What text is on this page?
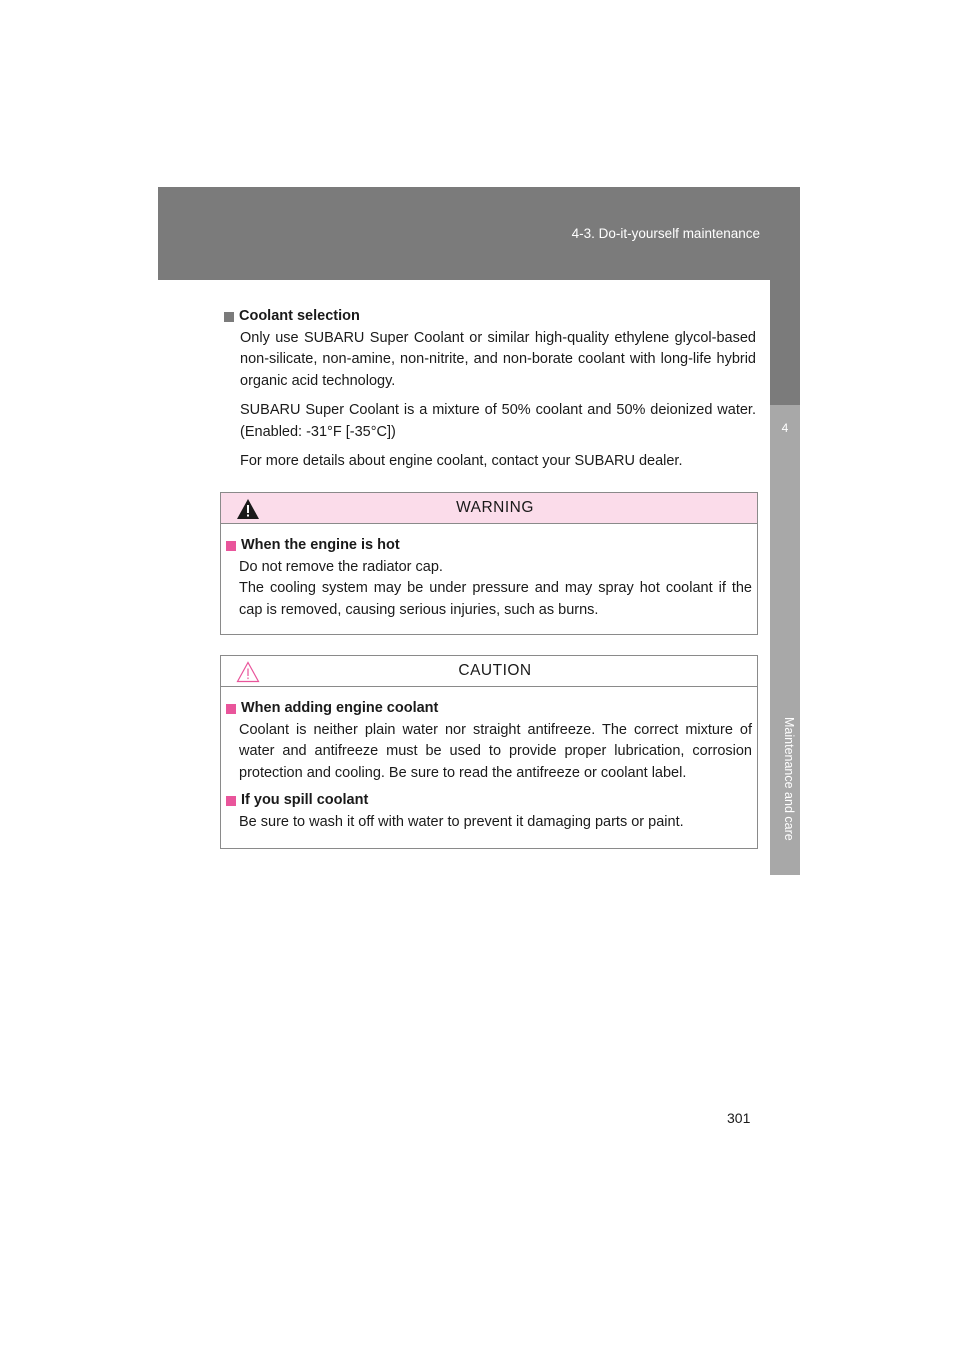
4-3. Do-it-yourself maintenance
4
Maintenance and care
Coolant selection

Only use SUBARU Super Coolant or similar high-quality ethylene glycol-based non-silicate, non-amine, non-nitrite, and non-borate coolant with long-life hybrid organic acid technology.

SUBARU Super Coolant is a mixture of 50% coolant and 50% deionized water. (Enabled: -31°F [-35°C])

For more details about engine coolant, contact your SUBARU dealer.

WARNING
When the engine is hot
Do not remove the radiator cap.
The cooling system may be under pressure and may spray hot coolant if the cap is removed, causing serious injuries, such as burns.
CAUTION
When adding engine coolant
Coolant is neither plain water nor straight antifreeze. The correct mixture of water and antifreeze must be used to provide proper lubrication, corrosion protection and cooling. Be sure to read the antifreeze or coolant label.
If you spill coolant
Be sure to wash it off with water to prevent it damaging parts or paint.
301
